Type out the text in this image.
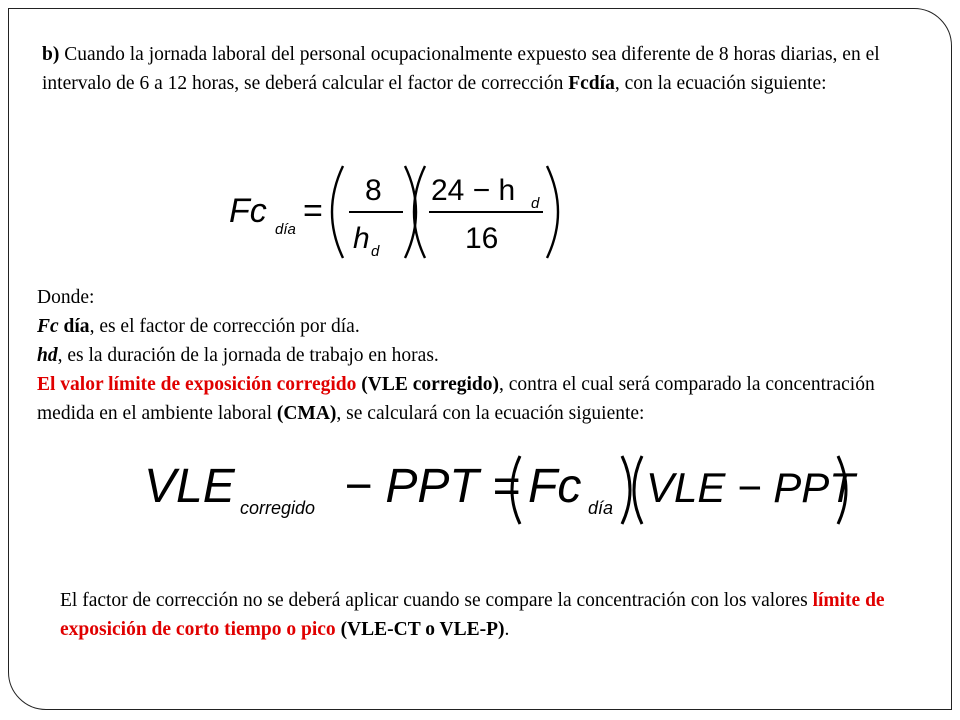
b) Cuando la jornada laboral del personal ocupacionalmente expuesto sea diferente de 8 horas diarias, en el intervalo de 6 a 12 horas, se deberá calcular el factor de corrección Fcdía, con la ecuación siguiente:

Fc día =
8
h d
24 − h d
16
Donde:
Fc día, es el factor de corrección por día.
hd, es la duración de la jornada de trabajo en horas.
El valor límite de exposición corregido (VLE corregido), contra el cual será comparado la concentración medida en el ambiente laboral (CMA), se calculará con la ecuación siguiente:
VLE corregido − PPT = Fc día VLE − PPT

El factor de corrección no se deberá aplicar cuando se compare la concentración con los valores límite de exposición de corto tiempo o pico (VLE-CT o VLE-P).
